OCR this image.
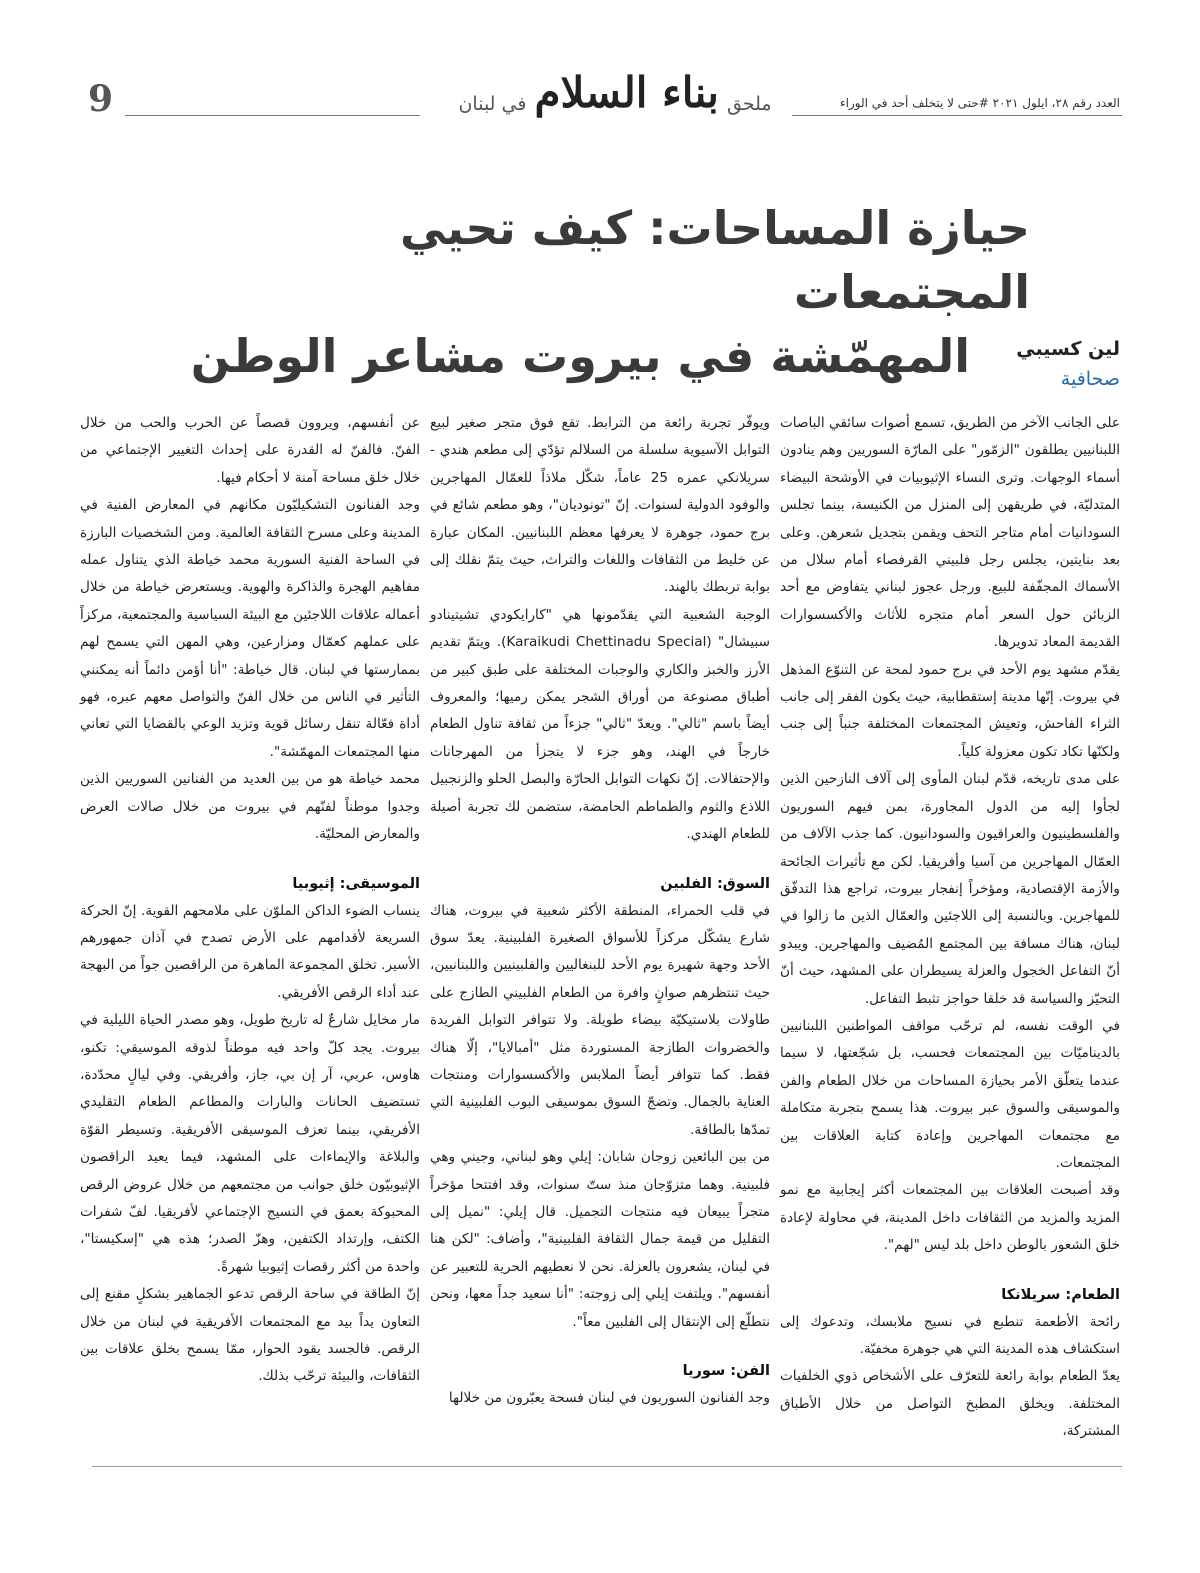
العدد رقم ٢٨، ايلول ٢٠٢١ #حتى لا يتخلف أحد في الوراء
9	ملحق
بناء السلام
في لبنان
حيازة المساحات: كيف تحيي المجتمعات
المهمّشة في بيروت مشاعر الوطن	لين كسيبي
صحافية

على الجانب الآخر من الطريق، تسمع أصوات سائقي الباصات اللبنانيين يطلقون "الزمّور" على المارّة السوريين وهم ينادون أسماء الوجهات. وترى النساء الإثيوبيات في الأوشحة البيضاء المتدليّة، في طريقهن إلى المنزل من الكنيسة، بينما تجلس السودانيات أمام متاجر التحف ويقمن بتجديل شعرهن. وعلى بعد بنايتين، يجلس رجل فلبيني القرفصاء أمام سلال من الأسماك المجفّفة للبيع. ورجل عجوز لبناني يتفاوض مع أحد الزبائن حول السعر أمام متجره للأثاث والأكسسوارات القديمة المعاد تدويرها.

يقدّم مشهد يوم الأحد في برج حمود لمحة عن التنوّع المذهل في بيروت. إنّها مدينة إستقطابية، حيث يكون الفقر إلى جانب الثراء الفاحش، وتعيش المجتمعات المختلفة جنباً إلى جنب ولكنّها تكاد تكون معزولة كلياً.

على مدى تاريخه، قدّم لبنان المأوى إلى آلاف النازحين الذين لجأوا إليه من الدول المجاورة، بمن فيهم السوريون والفلسطينيون والعراقيون والسودانيون. كما جذب الآلاف من العمّال المهاجرين من آسيا وأفريقيا. لكن مع تأثيرات الجائحة والأزمة الإقتصادية، ومؤخراً إنفجار بيروت، تراجع هذا التدفّق للمهاجرين. وبالنسبة إلى اللاجئين والعمّال الذين ما زالوا في لبنان، هناك مسافة بين المجتمع المُضيف والمهاجرين. ويبدو أنّ التفاعل الخجول والعزلة يسيطران على المشهد، حيث أنّ التحيّز والسياسة قد خلقا حواجز تثبط التفاعل.

في الوقت نفسه، لم ترحّب مواقف المواطنين اللبنانيين بالديناميّات بين المجتمعات فحسب، بل شجّعتها، لا سيما عندما يتعلّق الأمر بحيازة المساحات من خلال الطعام والفن والموسيقى والسوق عبر بيروت. هذا يسمح بتجربة متكاملة مع مجتمعات المهاجرين وإعادة كتابة العلاقات بين المجتمعات.

وقد أصبحت العلاقات بين المجتمعات أكثر إيجابية مع نمو المزيد والمزيد من الثقافات داخل المدينة، في محاولة لإعادة خلق الشعور بالوطن داخل بلد ليس "لهم".

الطعام: سريلانكا

رائحة الأطعمة تنطبع في نسيج ملابسك، وتدعوك إلى استكشاف هذه المدينة التي هي جوهرة مخفيّة.

يعدّ الطعام بوابة رائعة للتعرّف على الأشخاص ذوي الخلفيات المختلفة. ويخلق المطبخ التواصل من خلال الأطباق المشتركة،

ويوفّر تجربة رائعة من الترابط. تقع فوق متجر صغير لبيع التوابل الآسيوية سلسلة من السلالم تؤدّي إلى مطعم هندي - سريلانكي عمره 25 عاماً، شكّل ملاذاً للعمّال المهاجرين والوفود الدولية لسنوات. إنّ "تونوديان"، وهو مطعم شائع في برج حمود، جوهرة لا يعرفها معظم اللبنانيين. المكان عبارة عن خليط من الثقافات واللغات والتراث، حيث يتمّ نقلك إلى بوابة تربطك بالهند.

الوجبة الشعبية التي يقدّمونها هي "كارايكودي تشيتينادو سبيشال" (Karaikudi Chettinadu Special). ويتمّ تقديم الأرز والخبز والكاري والوجبات المختلفة على طبق كبير من أطباق مصنوعة من أوراق الشجر يمكن رميها؛ والمعروف أيضاً باسم "ثالي". ويعدّ "ثالي" جزءاً من ثقافة تناول الطعام خارجاً في الهند، وهو جزء لا يتجزأ من المهرجانات والإحتفالات. إنّ نكهات التوابل الحارّة والبصل الحلو والزنجبيل اللاذع والثوم والطماطم الحامضة، ستضمن لك تجربة أصيلة للطعام الهندي.

السوق: الفلبين

في قلب الحمراء، المنطقة الأكثر شعبية في بيروت، هناك شارع يشكّل مركزاً للأسواق الصغيرة الفلبينية. يعدّ سوق الأحد وجهة شهيرة يوم الأحد للبنغاليين والفلبينيين واللبنانيين، حيث تنتظرهم صوانٍ وافرة من الطعام الفلبيني الطازج على طاولات بلاستيكيّة بيضاء طويلة. ولا تتوافر التوابل الفريدة والخضروات الطازجة المستوردة مثل "أمبالايا"، إلّا هناك فقط. كما تتوافر أيضاً الملابس والأكسسوارات ومنتجات العناية بالجمال. وتضجّ السوق بموسيقى البوب الفلبينية التي تمدّها بالطاقة.

من بين البائعين زوجان شابان: إيلي وهو لبناني، وجيني وهي فلبينية. وهما متزوّجان منذ ستّ سنوات، وقد افتتحا مؤخراً متجراً يبيعان فيه منتجات التجميل. قال إيلي: "نميل إلى التقليل من قيمة جمال الثقافة الفلبينية"، وأضاف: "لكن هنا في لبنان، يشعرون بالعزلة. نحن لا نعطيهم الحرية للتعبير عن أنفسهم". ويلتفت إيلي إلى زوجته: "أنا سعيد جداً معها، ونحن نتطلّع إلى الإنتقال إلى الفلبين معاً".

الفن: سوريا

وجد الفنانون السوريون في لبنان فسحة يعبّرون من خلالها

عن أنفسهم، ويروون قصصاً عن الحرب والحب من خلال الفنّ. فالفنّ له القدرة على إحداث التغيير الإجتماعي من خلال خلق مساحة آمنة لا أحكام فيها.

وجد الفنانون التشكيليّون مكانهم في المعارض الفنية في المدينة وعلى مسرح الثقافة العالمية. ومن الشخصيات البارزة في الساحة الفنية السورية محمد خياطة الذي يتناول عمله مفاهيم الهجرة والذاكرة والهوية. ويستعرض خياطة من خلال أعماله علاقات اللاجئين مع البيئة السياسية والمجتمعية، مركزاً على عملهم كعمّال ومزارعين، وهي المهن التي يسمح لهم بممارستها في لبنان. قال خياطة: "أنا أؤمن دائماً أنه يمكنني التأثير في الناس من خلال الفنّ والتواصل معهم عبره، فهو أداة فعّالة تنقل رسائل قوية وتزيد الوعي بالقضايا التي تعاني منها المجتمعات المهمّشة".

محمد خياطة هو من بين العديد من الفنانين السوريين الذين وجدوا موطناً لفنّهم في بيروت من خلال صالات العرض والمعارض المحليّة.

الموسيقى: إثيوبيا

ينساب الضوء الداكن الملوّن على ملامحهم القوية. إنّ الحركة السريعة لأقدامهم على الأرض تصدح في آذان جمهورهم الأسير. تخلق المجموعة الماهرة من الراقصين جواً من البهجة عند أداء الرقص الأفريقي.

مار مخايل شارعٌ له تاريخ طويل، وهو مصدر الحياة الليلية في بيروت. يجد كلّ واحد فيه موطناً لذوقه الموسيقي: تكنو، هاوس، عربي، آر إن بي، جاز، وأفريقي. وفي ليالٍ محدّدة، تستضيف الحانات والبارات والمطاعم الطعام التقليدي الأفريقي، بينما تعزف الموسيقى الأفريقية. وتسيطر القوّة والبلاغة والإيماءات على المشهد، فيما يعيد الراقصون الإثيوبيّون خلق جوانب من مجتمعهم من خلال عروض الرقص المحبوكة بعمق في النسيج الإجتماعي لأفريقيا. لفّ شفرات الكتف، وإرتداد الكتفين، وهزّ الصدر؛ هذه هي "إسكيستا"، واحدة من أكثر رقصات إثيوبيا شهرةً.

إنّ الطاقة في ساحة الرقص تدعو الجماهير بشكلٍ مقنع إلى التعاون يداً بيد مع المجتمعات الأفريقية في لبنان من خلال الرقص. فالجسد يقود الحوار، ممّا يسمح بخلق علاقات بين الثقافات، والبيئة ترحّب بذلك.
